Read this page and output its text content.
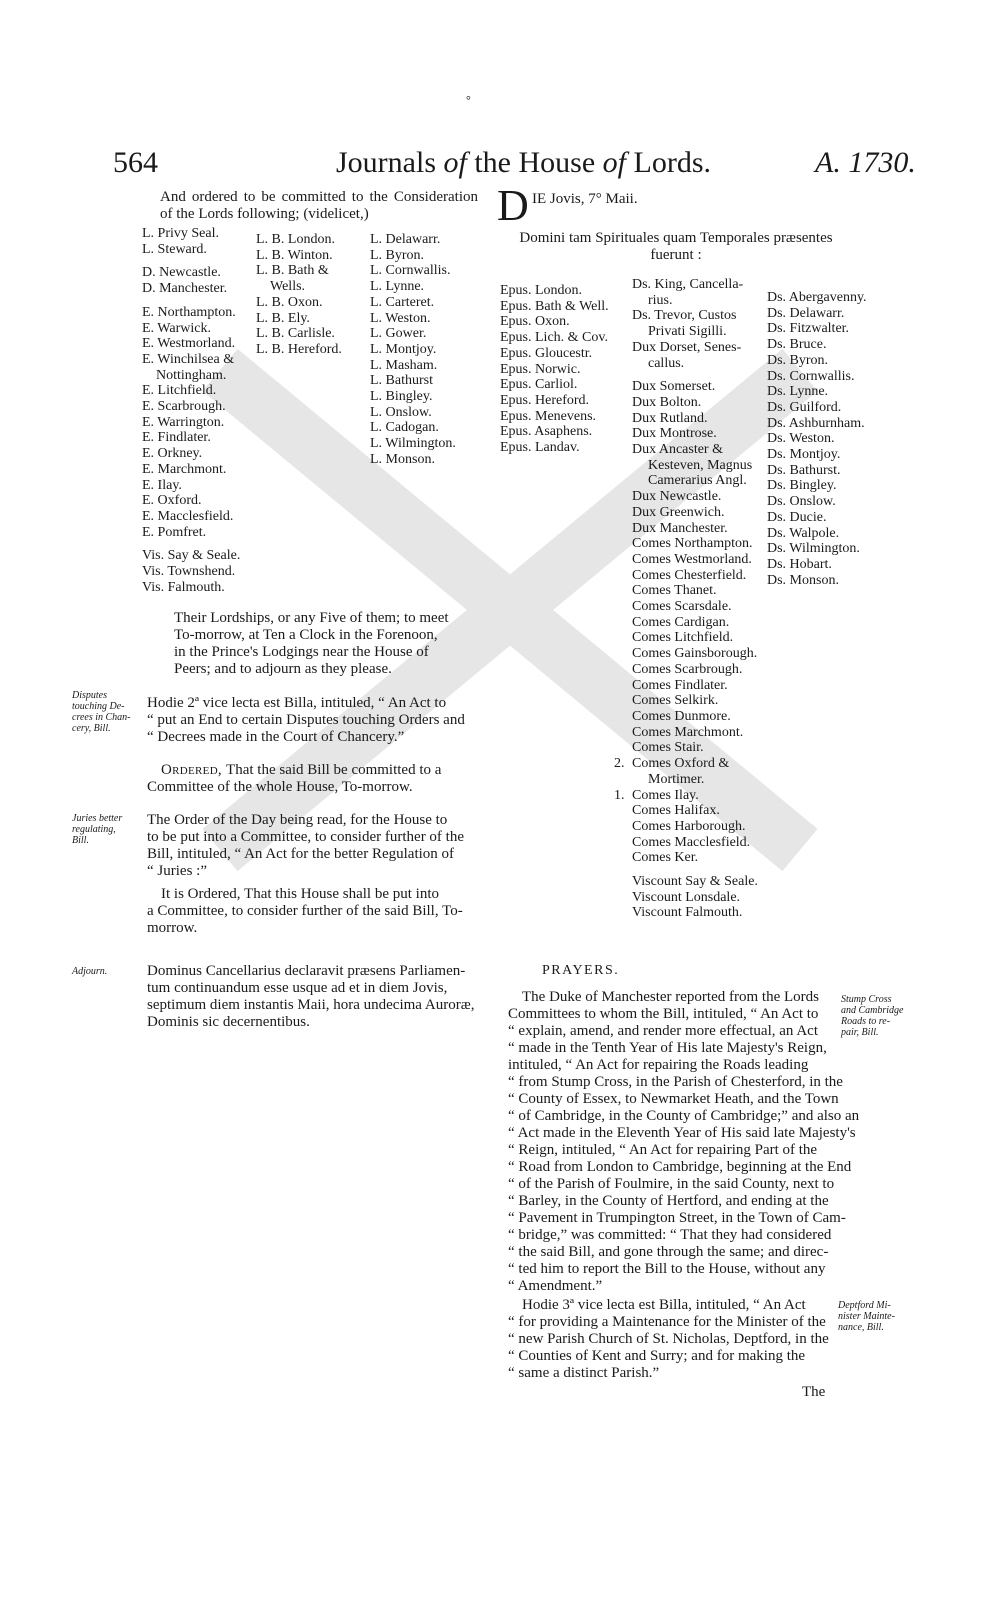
°
564	Journals of the House of Lords.	A. 1730.
And ordered to be committed to the Consideration of the Lords following; (videlicet,)
L. Privy Seal.
L. Steward.

D. Newcastle.
D. Manchester.

E. Northampton.
E. Warwick.
E. Westmorland.
E. Winchilsea &
Nottingham.
E. Litchfield.
E. Scarbrough.
E. Warrington.
E. Findlater.
E. Orkney.
E. Marchmont.
E. Ilay.
E. Oxford.
E. Macclesfield.
E. Pomfret.

Vis. Say & Seale.
Vis. Townshend.
Vis. Falmouth.
L. B. London.
L. B. Winton.
L. B. Bath &
Wells.
L. B. Oxon.
L. B. Ely.
L. B. Carlisle.
L. B. Hereford.
L. Delawarr.
L. Byron.
L. Cornwallis.
L. Lynne.
L. Carteret.
L. Weston.
L. Gower.
L. Montjoy.
L. Masham.
L. Bathurst
L. Bingley.
L. Onslow.
L. Cadogan.
L. Wilmington.
L. Monson.
Their Lordships, or any Five of them; to meet
To-morrow, at Ten a Clock in the Forenoon,
in the Prince's Lodgings near the House of
Peers; and to adjourn as they please.
Disputes
touching De-
crees in Chan-
cery, Bill.
Hodie 2ª vice lecta est Billa, intituled, “ An Act to
“ put an End to certain Disputes touching Orders and
“ Decrees made in the Court of Chancery.”
Ordered, That the said Bill be committed to a
Committee of the whole House, To-morrow.
Juries better
regulating,
Bill.
The Order of the Day being read, for the House to
to be put into a Committee, to consider further of the
Bill, intituled, “ An Act for the better Regulation of
“ Juries :”
It is Ordered, That this House shall be put into
a Committee, to consider further of the said Bill, To-
morrow.
Adjourn.	Dominus Cancellarius declaravit præsens Parliamen-
tum continuandum esse usque ad et in diem Jovis,
septimum diem instantis Maii, hora undecima Auroræ,
Dominis sic decernentibus.
D IE Jovis, 7° Maii.
Domini tam Spirituales quam Temporales præsentes
fuerunt :
Epus. London.
Epus. Bath & Well.
Epus. Oxon.
Epus. Lich. & Cov.
Epus. Gloucestr.
Epus. Norwic.
Epus. Carliol.
Epus. Hereford.
Epus. Menevens.
Epus. Asaphens.
Epus. Landav.
Ds. King, Cancella-
rius.
Ds. Trevor, Custos
Privati Sigilli.
Dux Dorset, Senes-
callus.
Dux Somerset.
Dux Bolton.
Dux Rutland.
Dux Montrose.
Dux Ancaster &
Kesteven, Magnus
Camerarius Angl.
Dux Newcastle.
Dux Greenwich.
Dux Manchester.
Comes Northampton.
Comes Westmorland.
Comes Chesterfield.
Comes Thanet.
Comes Scarsdale.
Comes Cardigan.
Comes Litchfield.
Comes Gainsborough.
Comes Scarbrough.
Comes Findlater.
Comes Selkirk.
Comes Dunmore.
Comes Marchmont.
Comes Stair.
Comes Oxford &
2.
Mortimer.
Comes Ilay.
1.
Comes Halifax.
Comes Harborough.
Comes Macclesfield.
Comes Ker.
Viscount Say & Seale.
Viscount Lonsdale.
Viscount Falmouth.
Ds. Abergavenny.
Ds. Delawarr.
Ds. Fitzwalter.
Ds. Bruce.
Ds. Byron.
Ds. Cornwallis.
Ds. Lynne.
Ds. Guilford.
Ds. Ashburnham.
Ds. Weston.
Ds. Montjoy.
Ds. Bathurst.
Ds. Bingley.
Ds. Onslow.
Ds. Ducie.
Ds. Walpole.
Ds. Wilmington.
Ds. Hobart.
Ds. Monson.
PRAYERS.
The Duke of Manchester reported from the Lords
Committees to whom the Bill, intituled, “ An Act to
“ explain, amend, and render more effectual, an Act
“ made in the Tenth Year of His late Majesty's Reign,
intituled, “ An Act for repairing the Roads leading
“ from Stump Cross, in the Parish of Chesterford, in the
“ County of Essex, to Newmarket Heath, and the Town
“ of Cambridge, in the County of Cambridge;” and also an
“ Act made in the Eleventh Year of His said late Majesty's
“ Reign, intituled, “ An Act for repairing Part of the
“ Road from London to Cambridge, beginning at the End
“ of the Parish of Foulmire, in the said County, next to
“ Barley, in the County of Hertford, and ending at the
“ Pavement in Trumpington Street, in the Town of Cam-
“ bridge,” was committed: “ That they had considered
“ the said Bill, and gone through the same; and direc-
“ ted him to report the Bill to the House, without any
“ Amendment.”
Stump Cross
and Cambridge
Roads to re-
pair, Bill.
Hodie 3ª vice lecta est Billa, intituled, “ An Act
“ for providing a Maintenance for the Minister of the
“ new Parish Church of St. Nicholas, Deptford, in the
“ Counties of Kent and Surry; and for making the
“ same a distinct Parish.”
Deptford Mi-
nister Mainte-
nance, Bill.
The
